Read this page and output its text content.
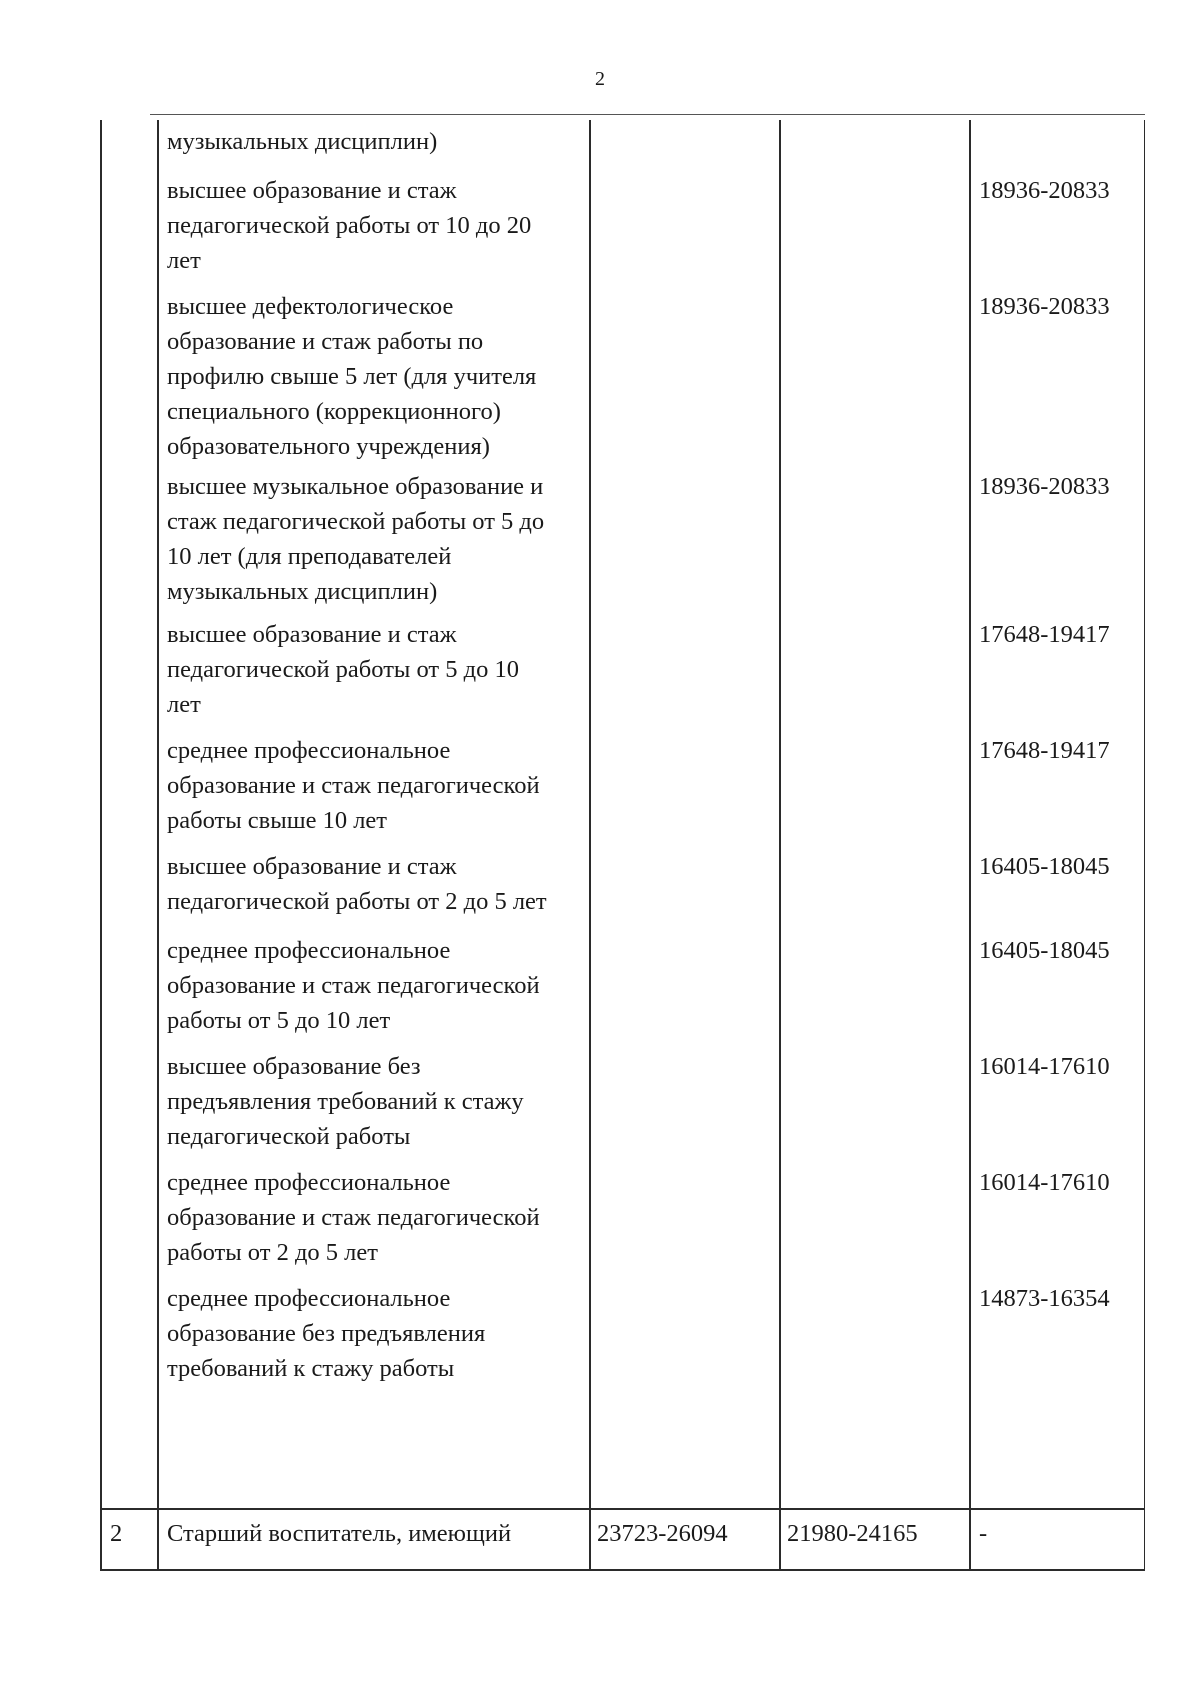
2
музыкальных дисциплин)
высшее образование и стаж
педагогической работы от 10 до 20
лет
18936-20833
высшее дефектологическое
образование и стаж работы по
профилю свыше 5 лет (для учителя
специального (коррекционного)
образовательного учреждения)
18936-20833
высшее музыкальное образование и
стаж педагогической работы от 5 до
10 лет (для преподавателей
музыкальных дисциплин)
18936-20833
высшее образование и стаж
педагогической работы от 5 до 10
лет
17648-19417
среднее профессиональное
образование и стаж педагогической
работы свыше 10 лет
17648-19417
высшее образование и стаж
педагогической работы от 2 до 5 лет
16405-18045
среднее профессиональное
образование и стаж педагогической
работы от 5 до 10 лет
16405-18045
высшее образование без
предъявления требований к стажу
педагогической работы
16014-17610
среднее профессиональное
образование и стаж педагогической
работы от 2 до 5 лет
16014-17610
среднее профессиональное
образование без предъявления
требований к стажу работы
14873-16354
2 Старший воспитатель, имеющий	23723-26094 21980-24165	-
